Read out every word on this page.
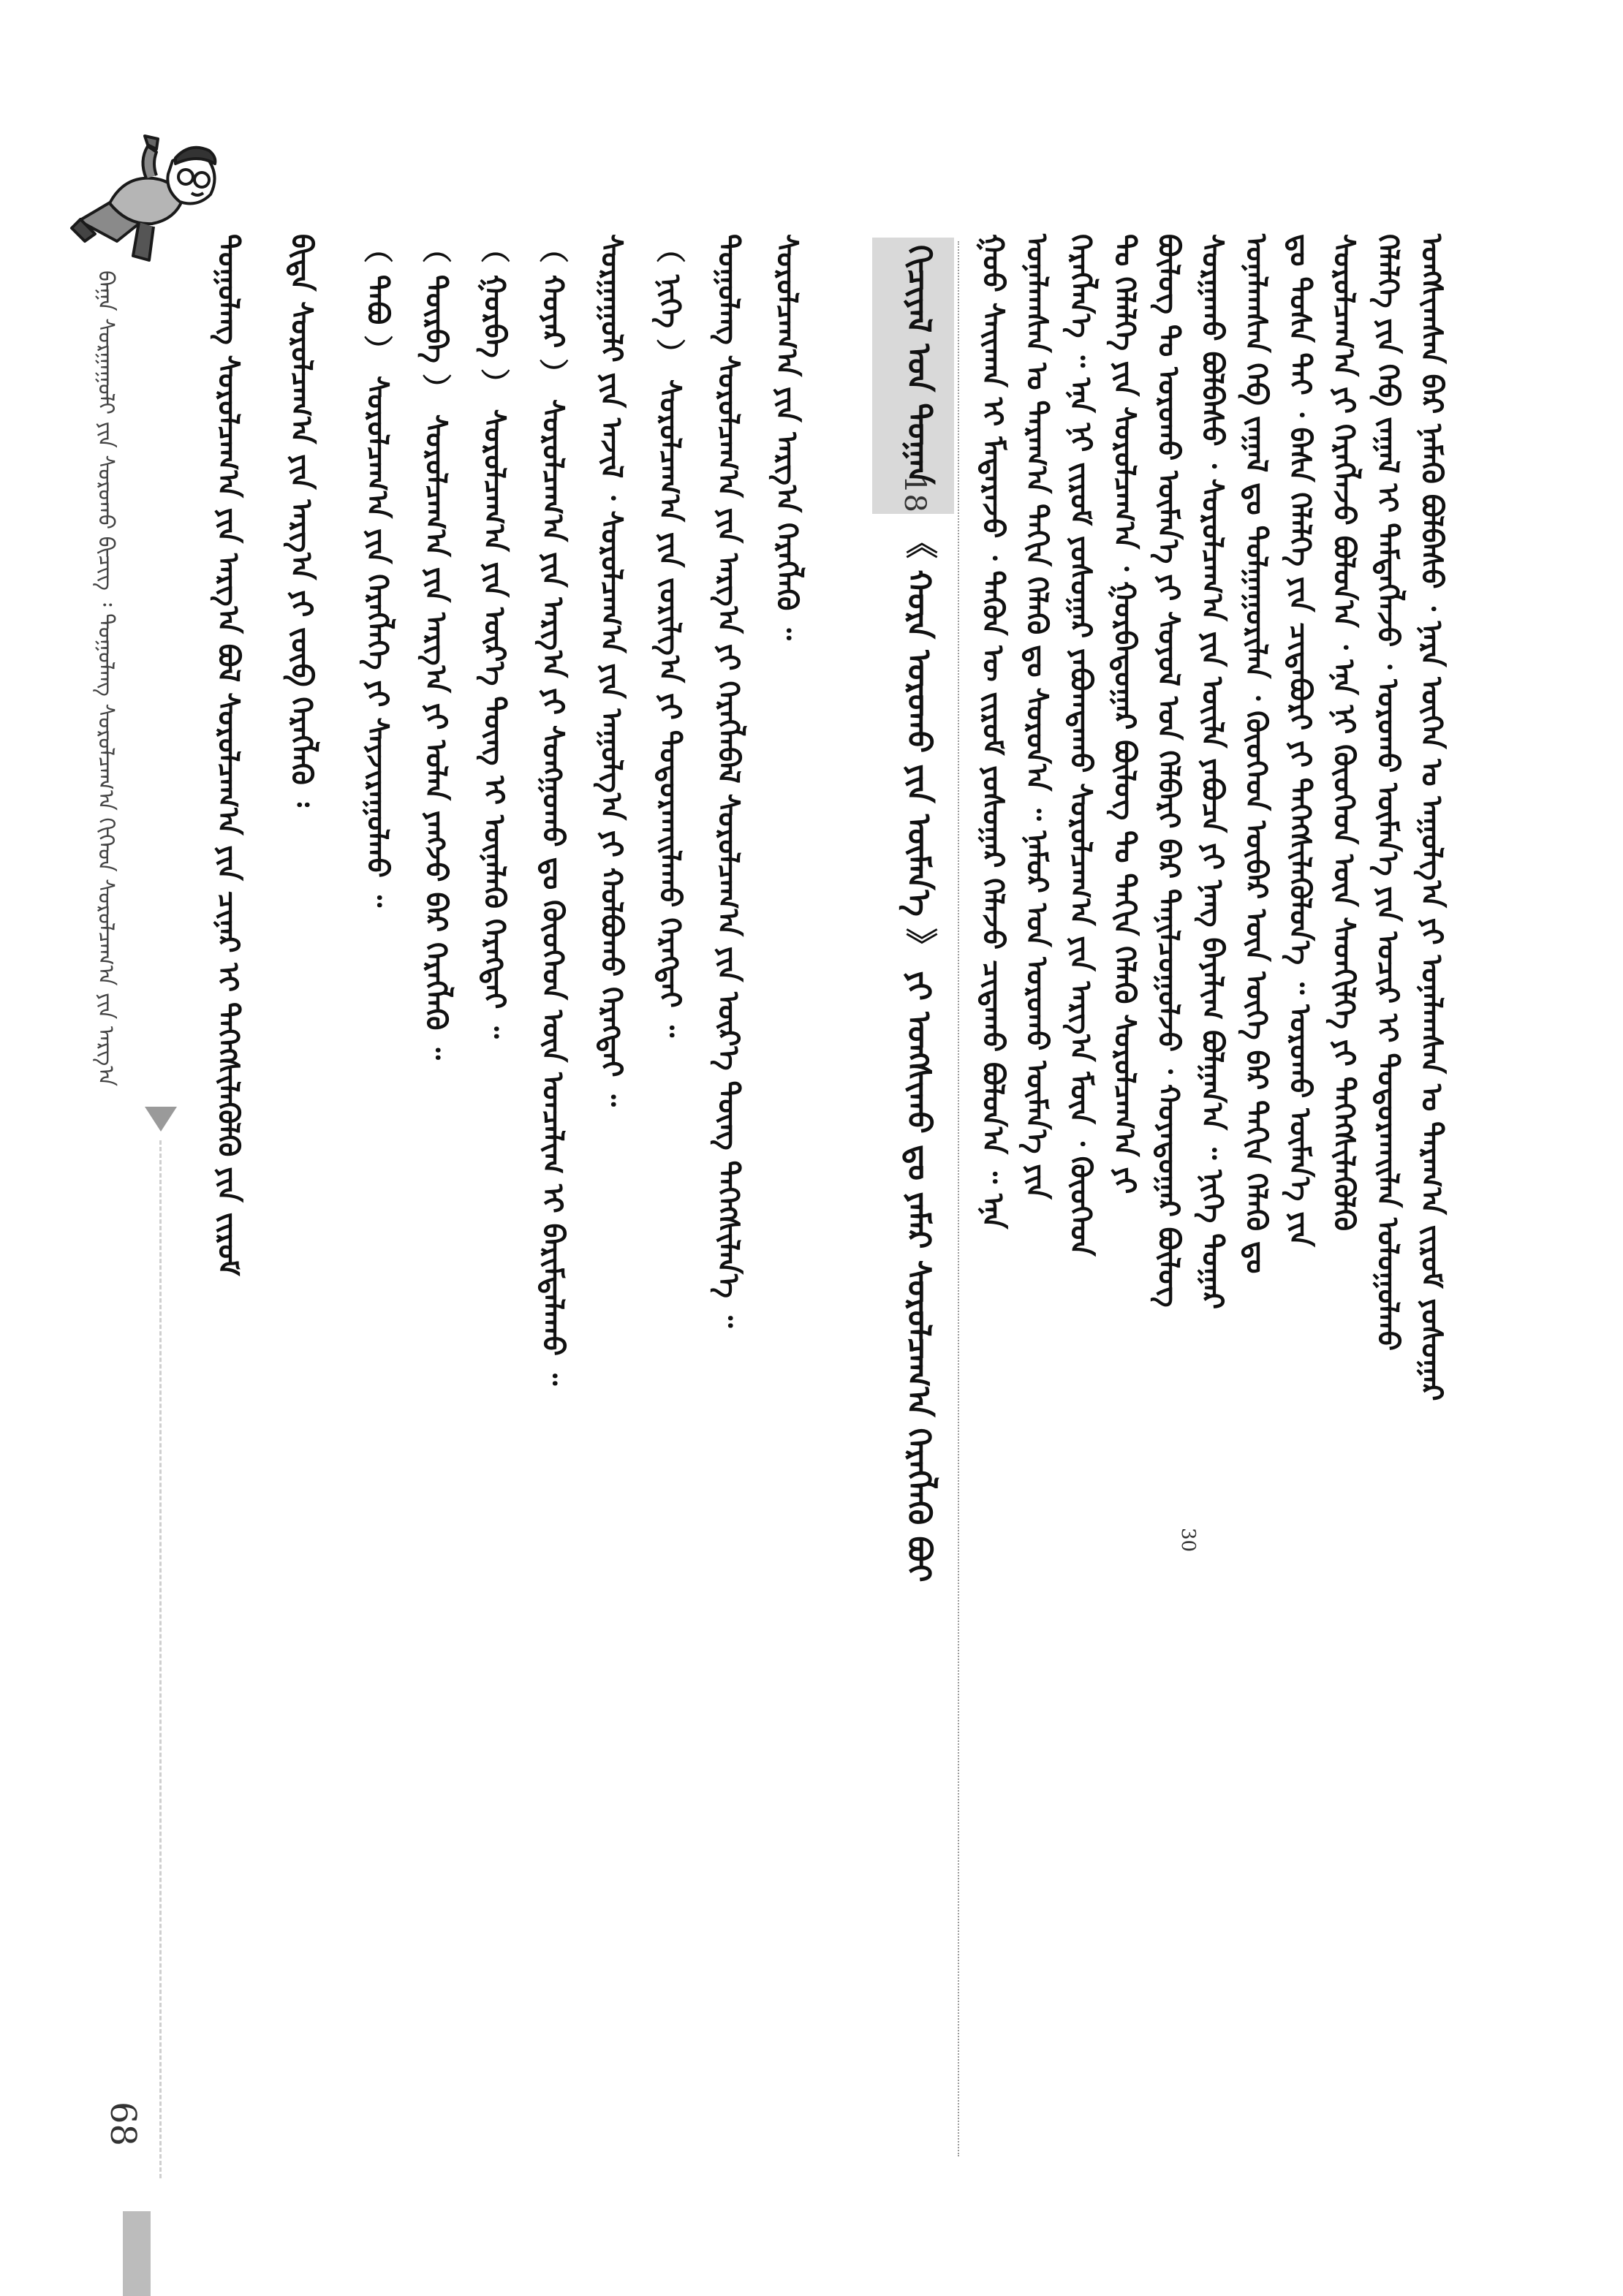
68
ᠪᠠᠭᠠ ᠰᠤᠷᠭᠠᠭᠤᠯᠢ ᠶᠢᠨ ᠰᠤᠷᠤᠬᠤ ᠪᠢᠴᠢᠭ ᠄ ᠳᠤᠭᠤᠯᠠᠩ ᠰᠤᠷᠤᠯᠴᠠᠭ᠎ᠠ ᠬᠢᠭᠡᠳ ᠰᠤᠷᠤᠯᠴᠠᠭ᠎ᠠ ᠶᠢᠨ ᠠᠷᠭ᠎ᠠ	ᠬᠢᠴᠢᠶᠡᠯ ᠤᠨ ᠲᠤᠭᠠᠨ
18
《 ᠬᠤᠷᠠ ᠤᠷᠤᠬᠤ ᠶᠢᠨ ᠥᠮᠡᠨ᠎ᠡ 》 ᠶᠢ ᠤᠩᠰᠢᠬᠤ ᠳᠤ ᠶᠠᠮᠠᠷ ᠰᠤᠷᠤᠯᠴᠠᠭ᠎ᠠ ᠬᠡᠷᠡᠭᠯᠡᠬᠦ ᠪᠤᠢ	ᠤᠩᠰᠢᠭᠰᠠᠨ ᠪᠡᠷ ᠨᠡᠮᠡᠬᠦ ᠪᠣᠯᠪᠠᠰᠤ ᠂ ᠨᠡᠷᠡ ᠥᠭᠡᠨ ᠤ ᠠᠭᠤᠯᠭ᠎ᠠ ᠶᠢ ᠤᠨᠠᠯᠠᠭᠰᠠᠨ ᠤ ᠳᠠᠷᠠᠭ᠎ᠠ ᠵᠢᠷᠤᠮ ᠶᠣᠰᠣᠭᠠᠷ
ᠬᠡᠯᠡᠯᠭᠡ ᠶᠢᠨ ᠬᠡᠪ ᠵᠠᠭᠠᠯ ᠢ ᠲᠡᠮᠳᠡᠭᠯᠡᠵᠦ ᠂ ᠤᠷᠤᠬᠤ ᠥᠮᠡᠨ᠎ᠡ ᠶᠢᠨ ᠤᠴᠢᠷ ᠢ ᠲᠣᠳᠣᠷᠬᠠᠢᠯᠠᠨ ᠤᠯᠤᠭᠤᠯᠬᠤ
ᠰᠤᠷᠤᠯᠴᠠᠭ᠎ᠠ ᠶᠢ ᠬᠡᠷᠡᠭᠯᠡᠵᠦ ᠪᠣᠯᠤᠨ᠎ᠠ ᠂ ᠡᠨᠡ ᠨᠢ ᠬᠦᠦᠬᠡᠳ ᠦᠨ ᠰᠡᠳᠬᠢᠯᠭᠡ ᠶᠢ ᠳᠡᠭᠡᠭᠰᠢᠯᠡᠭᠦᠯᠬᠦ
ᠳᠤ ᠲᠤᠰᠠ ᠲᠠᠢ ᠂ ᠪᠠᠰᠠ ᠬᠡᠯᠡᠯᠭᠡ ᠶᠢᠨ ᠴᠢᠳᠠᠪᠤᠷᠢ ᠶᠢ ᠳᠡᠭᠡᠭᠰᠢᠯᠡᠭᠦᠯᠦᠨ᠎ᠡ ᠃ ᠤᠷᠤᠬᠤ ᠥᠮᠡᠨ᠎ᠡ ᠶᠢᠨ
ᠤᠨᠠᠯᠠᠭᠰᠠᠨ ᠬᠡᠪ ᠵᠠᠭᠠᠯ ᠳᠤ ᠲᠤᠯᠭᠠᠭᠤᠷᠢᠯᠠᠨ ᠂ ᠬᠦᠦᠬᠡᠳ ᠥᠪᠡᠷ ᠦᠨ ᠦᠭᠡ ᠪᠡᠷ ᠳᠠᠬᠢᠨ ᠬᠡᠯᠡᠬᠦ ᠳᠤ
ᠰᠤᠷᠭᠠᠬᠤ ᠪᠣᠯᠪᠠᠰᠤ ᠂ ᠰᠤᠷᠤᠯᠴᠠᠭ᠎ᠠ ᠶᠢᠨ ᠦᠢᠯᠡ ᠶᠠᠪᠤᠴᠠ ᠶᠢ ᠨᠡᠩ ᠪᠠᠶᠠᠯᠢᠭ ᠪᠣᠯᠭᠠᠨ᠎ᠠ ᠃ ᠨᠢᠭᠡ ᠳᠤᠭᠠᠷ
ᠪᠦᠯᠦᠭ ᠲᠤ ᠤᠷᠤᠬᠤ ᠥᠮᠡᠨ᠎ᠡ ᠶᠢ ᠰᠤᠶᠤᠯ ᠤᠨ ᠬᠡᠯᠪᠡᠷᠢ ᠪᠡᠷ ᠲᠠᠨᠢᠯᠴᠤᠭᠤᠯᠵᠤ ᠂ ᠬᠣᠶᠠᠳᠤᠭᠠᠷ ᠪᠦᠯᠦᠭ
ᠲᠤ ᠬᠡᠯᠡᠯᠭᠡ ᠶᠢᠨ ᠰᠤᠷᠤᠯᠴᠠᠭ᠎ᠠ ᠂ ᠭᠤᠷᠪᠠᠳᠤᠭᠠᠷ ᠪᠦᠯᠦᠭ ᠲᠤ ᠳᠠᠬᠢᠨ ᠬᠡᠯᠡᠬᠦ ᠰᠤᠷᠤᠯᠴᠠᠭ᠎ᠠ ᠶᠢ
ᠬᠡᠷᠡᠭᠯᠡᠨ᠎ᠡ ᠃ ᠡᠨᠡ ᠨᠢ ᠵᠢᠷᠤᠮ ᠶᠣᠰᠣᠭᠠᠷ ᠶᠠᠪᠤᠭᠳᠠᠬᠤ ᠰᠤᠷᠤᠯᠴᠠᠭ᠎ᠠ ᠶᠢᠨ ᠠᠷᠭ᠎ᠠ ᠮᠥᠨ ᠂ ᠬᠦᠦᠬᠡᠳ
ᠤᠨᠠᠯᠠᠭᠰᠠᠨ ᠤ ᠳᠠᠷᠠᠭ᠎ᠠ ᠳᠠᠬᠢᠨ ᠬᠡᠯᠡᠬᠦ ᠳᠤ ᠰᠤᠷᠤᠨ᠎ᠠ ᠃ ᠨᠠᠮᠤᠷ ᠤᠨ ᠤᠷᠤᠬᠤ ᠥᠮᠡᠨ᠎ᠡ ᠶᠢᠨ
ᠭᠣᠣ ᠰᠠᠢᠬᠠᠨ ᠢ ᠮᠡᠳᠡᠷᠡᠵᠦ ᠂ ᠲᠡᠭᠦᠨ ᠦ ᠵᠢᠷᠤᠮ ᠶᠣᠰᠣᠭᠠᠷ ᠬᠡᠯᠡᠵᠦ ᠴᠢᠳᠠᠬᠤ ᠪᠣᠯᠤᠨ᠎ᠠ ᠃ ᠡᠨᠡ
30
ᠰᠤᠷᠤᠯᠴᠠᠭ᠎ᠠ ᠶᠢᠨ ᠠᠷᠭ᠎ᠠ ᠬᠡᠷᠡᠭᠯᠡᠬᠦ ᠃
ᠳᠤᠭᠤᠯᠠᠩ ᠰᠤᠷᠤᠯᠴᠠᠭ᠎ᠠ ᠶᠢᠨ ᠠᠷᠭ᠎ᠠ ᠶᠢ ᠬᠡᠷᠡᠭᠯᠡᠪᠡᠯ ᠰᠤᠷᠤᠯᠴᠠᠭ᠎ᠠ ᠶᠢᠨ ᠦᠷ᠎ᠡ ᠳᠦᠩ ᠳᠡᠭᠡᠭᠰᠢᠯᠡᠨ᠎ᠡ ᠃
（ ᠨᠢᠭᠡ ） ᠰᠤᠷᠤᠯᠴᠠᠭ᠎ᠠ ᠶᠢᠨ ᠵᠣᠷᠢᠯᠭ᠎ᠠ ᠶᠢ ᠲᠣᠳᠣᠷᠬᠠᠢᠯᠠᠬᠤ ᠬᠡᠷᠡᠭᠲᠡᠢ ᠃
ᠰᠤᠷᠭᠠᠭᠤᠯᠢ ᠶᠢᠨ ᠠᠵᠢᠯ ᠂ ᠰᠤᠷᠤᠯᠴᠠᠭ᠎ᠠ ᠶᠢᠨ ᠠᠭᠤᠯᠭ᠎ᠠ ᠶᠢ ᠬᠣᠯᠪᠣᠬᠤ ᠬᠡᠷᠡᠭᠲᠡᠢ ᠃
（ ᠬᠣᠶᠠᠷ ） ᠰᠤᠷᠤᠯᠴᠠᠭ᠎ᠠ ᠶᠢᠨ ᠠᠷᠭ᠎ᠠ ᠶᠢ ᠰᠣᠩᠭᠣᠬᠤ ᠳᠤ ᠬᠦᠦᠬᠡᠳ ᠦᠨ ᠣᠨᠴᠠᠯᠢᠭ ᠢ ᠪᠠᠷᠢᠮᠲᠠᠯᠠᠬᠤ ᠃
（ ᠭᠤᠷᠪᠠ ） ᠰᠤᠷᠤᠯᠴᠠᠭ᠎ᠠ ᠶᠢᠨ ᠦᠷ᠎ᠡ ᠳᠦᠩ ᠢ ᠦᠨᠡᠯᠡᠬᠦ ᠬᠡᠷᠡᠭᠲᠡᠢ ᠃
（ ᠳᠥᠷᠪᠡ ） ᠰᠤᠷᠤᠯᠴᠠᠭ᠎ᠠ ᠶᠢᠨ ᠠᠷᠭ᠎ᠠ ᠶᠢ ᠣᠯᠠᠨ ᠶᠠᠩᠵᠤ ᠪᠡᠷ ᠬᠡᠷᠡᠭᠯᠡᠬᠦ ᠃
（ ᠲᠠᠪᠤ ） ᠰᠤᠷᠤᠯᠴᠠᠭ᠎ᠠ ᠶᠢᠨ ᠬᠡᠷᠡᠭᠯᠡᠭᠡ ᠶᠢ ᠰᠠᠶᠵᠢᠷᠠᠭᠤᠯᠬᠤ ᠃
ᠪᠢᠳᠡ ᠰᠤᠷᠤᠯᠴᠠᠭ᠎ᠠ ᠶᠢᠨ ᠠᠷᠭ᠎ᠠ ᠶᠢ ᠵᠥᠪ ᠬᠡᠷᠡᠭᠯᠡᠬᠦ ᠄
ᠳᠤᠭᠤᠯᠠᠩ ᠰᠤᠷᠤᠯᠴᠠᠭ᠎ᠠ ᠶᠢᠨ ᠠᠷᠭ᠎ᠠ ᠪᠣᠯ ᠰᠤᠷᠤᠯᠴᠠᠭ᠎ᠠ ᠶᠢᠨ ᠴᠢᠨᠠᠷ ᠢ ᠳᠡᠭᠡᠭᠰᠢᠯᠡᠭᠦᠯᠬᠦ ᠶᠢᠨ ᠵᠢᠷᠤᠮ
